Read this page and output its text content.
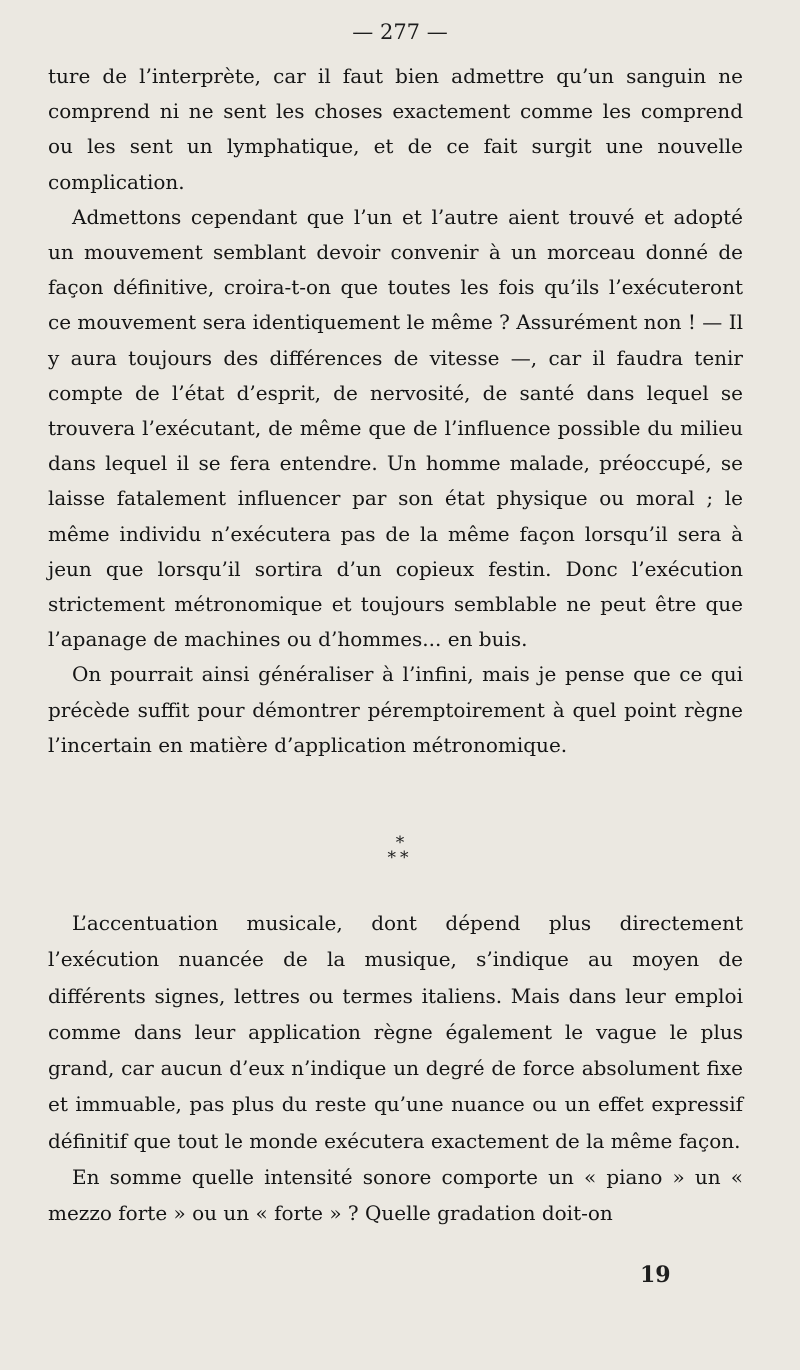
— 277 —

ture de l’interprète, car il faut bien admettre qu’un sanguin ne comprend ni ne sent les choses exactement comme les comprend ou les sent un lymphatique, et de ce fait surgit une nouvelle complication.

Admettons cependant que l’un et l’autre aient trouvé et adopté un mouvement semblant devoir convenir à un morceau donné de façon définitive, croira-t-on que toutes les fois qu’ils l’exécuteront ce mouvement sera identiquement le même ? Assurément non ! — Il y aura toujours des différences de vitesse —, car il faudra tenir compte de l’état d’esprit, de nervosité, de santé dans lequel se trouvera l’exécutant, de même que de l’influence possible du milieu dans lequel il se fera entendre. Un homme malade, préoccupé, se laisse fatalement influencer par son état physique ou moral ; le même individu n’exécutera pas de la même façon lorsqu’il sera à jeun que lorsqu’il sortira d’un copieux festin. Donc l’exécution strictement métronomique et toujours semblable ne peut être que l’apanage de machines ou d’hommes... en buis.

On pourrait ainsi généraliser à l’infini, mais je pense que ce qui précède suffit pour démontrer péremptoirement à quel point règne l’incertain en matière d’application métronomique.

*
**

L’accentuation musicale, dont dépend plus directement l’exécution nuancée de la musique, s’indique au moyen de différents signes, lettres ou termes italiens. Mais dans leur emploi comme dans leur application règne également le vague le plus grand, car aucun d’eux n’indique un degré de force absolument fixe et immuable, pas plus du reste qu’une nuance ou un effet expressif définitif que tout le monde exécutera exactement de la même façon.

En somme quelle intensité sonore comporte un « piano » un « mezzo forte » ou un « forte » ? Quelle gradation doit-on

19
